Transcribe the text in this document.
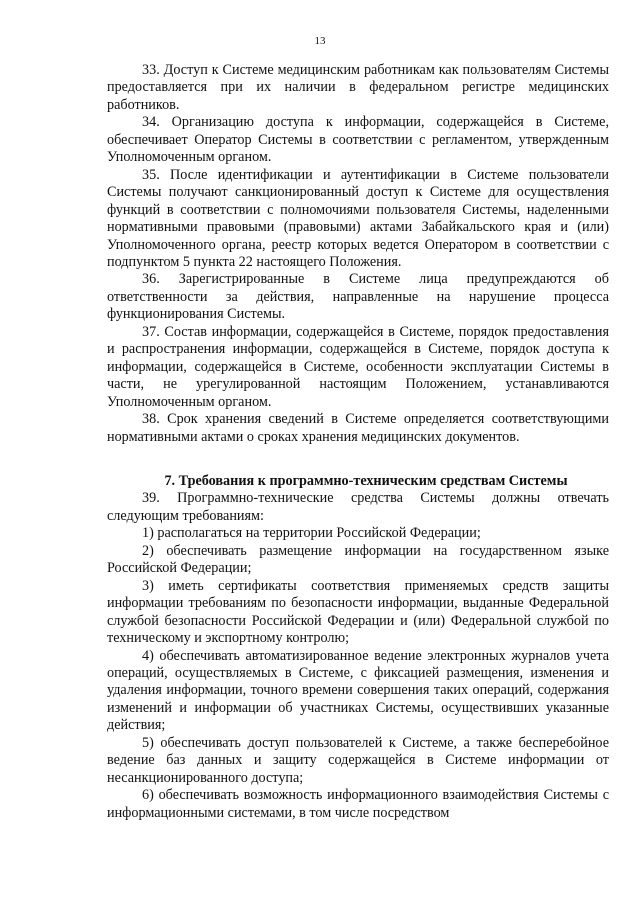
13

33. Доступ к Системе медицинским работникам как пользователям Системы предоставляется при их наличии в федеральном регистре медицинских работников.

34. Организацию доступа к информации, содержащейся в Системе, обеспечивает Оператор Системы в соответствии с регламентом, утвержденным Уполномоченным органом.

35. После идентификации и аутентификации в Системе пользователи Системы получают санкционированный доступ к Системе для осуществления функций в соответствии с полномочиями пользователя Системы, наделенными нормативными правовыми (правовыми) актами Забайкальского края и (или) Уполномоченного органа, реестр которых ведется Оператором в соответствии с подпунктом 5 пункта 22 настоящего Положения.

36. Зарегистрированные в Системе лица предупреждаются об ответственности за действия, направленные на нарушение процесса функционирования Системы.

37. Состав информации, содержащейся в Системе, порядок предоставления и распространения информации, содержащейся в Системе, порядок доступа к информации, содержащейся в Системе, особенности эксплуатации Системы в части, не урегулированной настоящим Положением, устанавливаются Уполномоченным органом.

38. Срок хранения сведений в Системе определяется соответствующими нормативными актами о сроках хранения медицинских документов.

7. Требования к программно-техническим средствам Системы

39. Программно-технические средства Системы должны отвечать следующим требованиям:

1) располагаться на территории Российской Федерации;

2) обеспечивать размещение информации на государственном языке Российской Федерации;

3) иметь сертификаты соответствия применяемых средств защиты информации требованиям по безопасности информации, выданные Федеральной службой безопасности Российской Федерации и (или) Федеральной службой по техническому и экспортному контролю;

4) обеспечивать автоматизированное ведение электронных журналов учета операций, осуществляемых в Системе, с фиксацией размещения, изменения и удаления информации, точного времени совершения таких операций, содержания изменений и информации об участниках Системы, осуществивших указанные действия;

5) обеспечивать доступ пользователей к Системе, а также бесперебойное ведение баз данных и защиту содержащейся в Системе информации от несанкционированного доступа;

6) обеспечивать возможность информационного взаимодействия Системы с информационными системами, в том числе посредством
